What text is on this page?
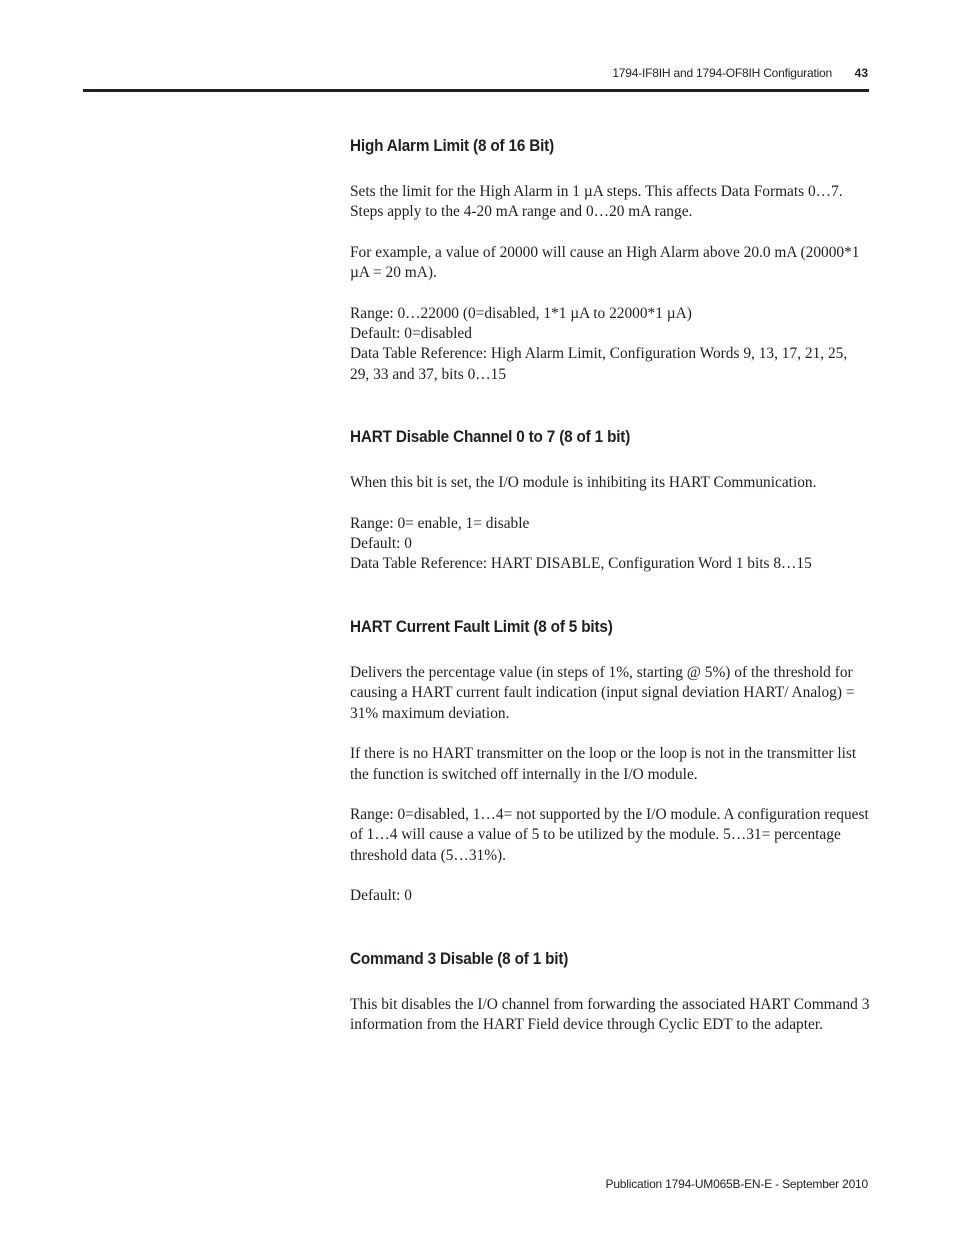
1794-IF8IH and 1794-OF8IH Configuration 43
High Alarm Limit (8 of 16 Bit)

Sets the limit for the High Alarm in 1 µA steps. This affects Data Formats 0…7. Steps apply to the 4-20 mA range and 0…20 mA range.

For example, a value of 20000 will cause an High Alarm above 20.0 mA (20000*1 µA = 20 mA).

Range: 0…22000 (0=disabled, 1*1 µA to 22000*1 µA)
Default: 0=disabled
Data Table Reference: High Alarm Limit, Configuration Words 9, 13, 17, 21, 25, 29, 33 and 37, bits 0…15

HART Disable Channel 0 to 7 (8 of 1 bit)

When this bit is set, the I/O module is inhibiting its HART Communication.

Range: 0= enable, 1= disable
Default: 0
Data Table Reference: HART DISABLE, Configuration Word 1 bits 8…15

HART Current Fault Limit (8 of 5 bits)

Delivers the percentage value (in steps of 1%, starting @ 5%) of the threshold for causing a HART current fault indication (input signal deviation HART/ Analog) = 31% maximum deviation.

If there is no HART transmitter on the loop or the loop is not in the transmitter list the function is switched off internally in the I/O module.

Range: 0=disabled, 1…4= not supported by the I/O module. A configuration request of 1…4 will cause a value of 5 to be utilized by the module. 5…31= percentage threshold data (5…31%).

Default: 0

Command 3 Disable (8 of 1 bit)

This bit disables the I/O channel from forwarding the associated HART Command 3 information from the HART Field device through Cyclic EDT to the adapter.

Publication 1794-UM065B-EN-E - September 2010
